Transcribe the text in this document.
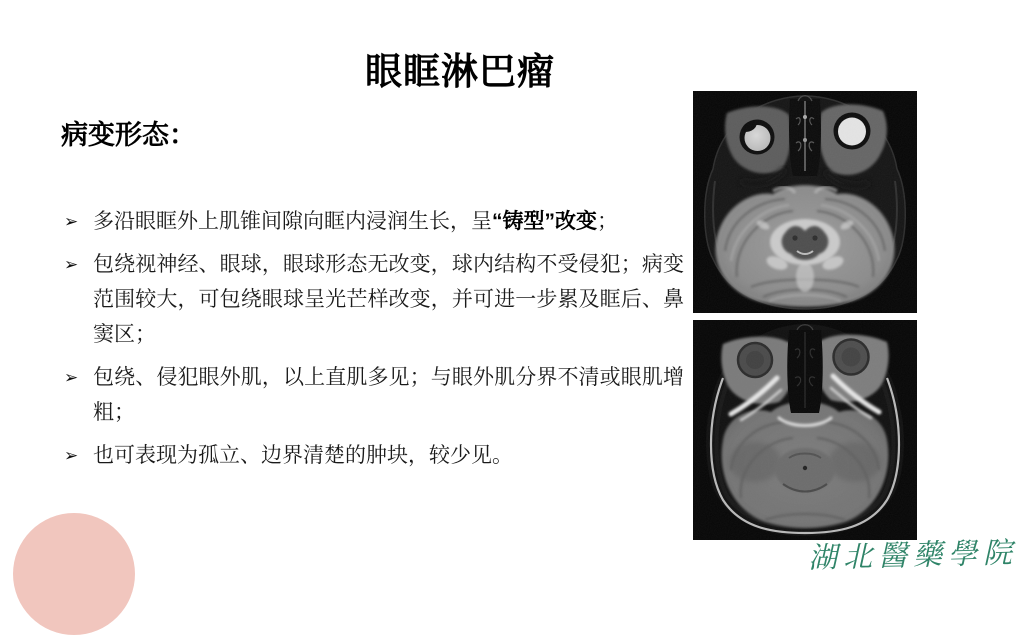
眼眶淋巴瘤
病变形态：
➢ 多沿眼眶外上肌锥间隙向眶内浸润生长，呈“铸型”改变；
➢ 包绕视神经、眼球，眼球形态无改变，球内结构不受侵犯；病变范围较大，可包绕眼球呈光芒样改变，并可进一步累及眶后、鼻窦区；
➢ 包绕、侵犯眼外肌，以上直肌多见；与眼外肌分界不清或眼肌增粗；
➢ 也可表现为孤立、边界清楚的肿块，较少见。
湖北醫藥學院
